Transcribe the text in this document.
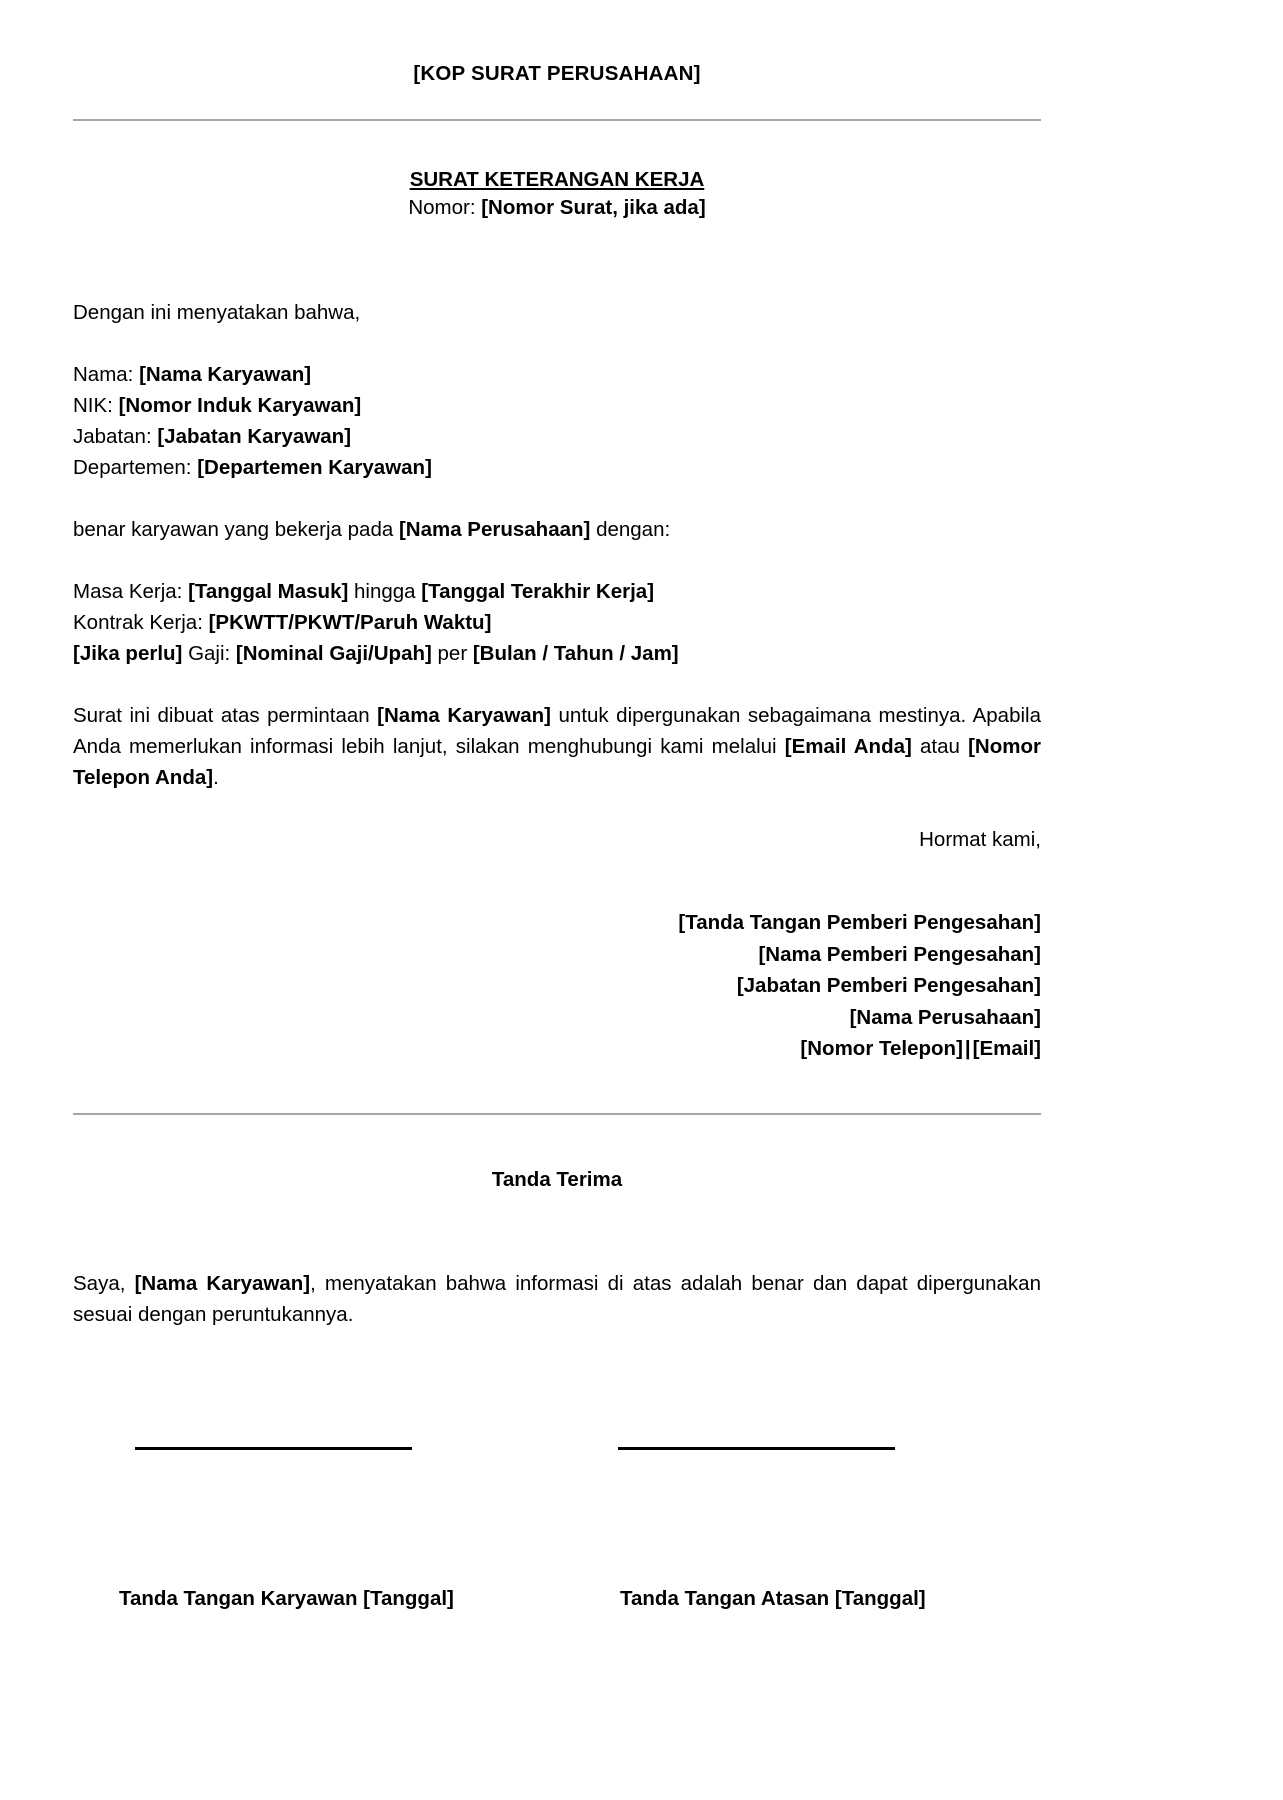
[KOP SURAT PERUSAHAAN]
SURAT KETERANGAN KERJA
Nomor: [Nomor Surat, jika ada]

Dengan ini menyatakan bahwa,

Nama: [Nama Karyawan]
NIK: [Nomor Induk Karyawan]
Jabatan: [Jabatan Karyawan]
Departemen: [Departemen Karyawan]

benar karyawan yang bekerja pada [Nama Perusahaan] dengan:

Masa Kerja: [Tanggal Masuk] hingga [Tanggal Terakhir Kerja]
Kontrak Kerja: [PKWTT/PKWT/Paruh Waktu]
[Jika perlu] Gaji: [Nominal Gaji/Upah] per [Bulan / Tahun / Jam]

Surat ini dibuat atas permintaan [Nama Karyawan] untuk dipergunakan sebagaimana mestinya. Apabila Anda memerlukan informasi lebih lanjut, silakan menghubungi kami melalui [Email Anda] atau [Nomor Telepon Anda].

Hormat kami,
[Tanda Tangan Pemberi Pengesahan]
[Nama Pemberi Pengesahan]
[Jabatan Pemberi Pengesahan]
[Nama Perusahaan]
[Nomor Telepon]|[Email]
Tanda Terima

Saya, [Nama Karyawan], menyatakan bahwa informasi di atas adalah benar dan dapat dipergunakan sesuai dengan peruntukannya.

Tanda Tangan Karyawan [Tanggal]	Tanda Tangan Atasan [Tanggal]
